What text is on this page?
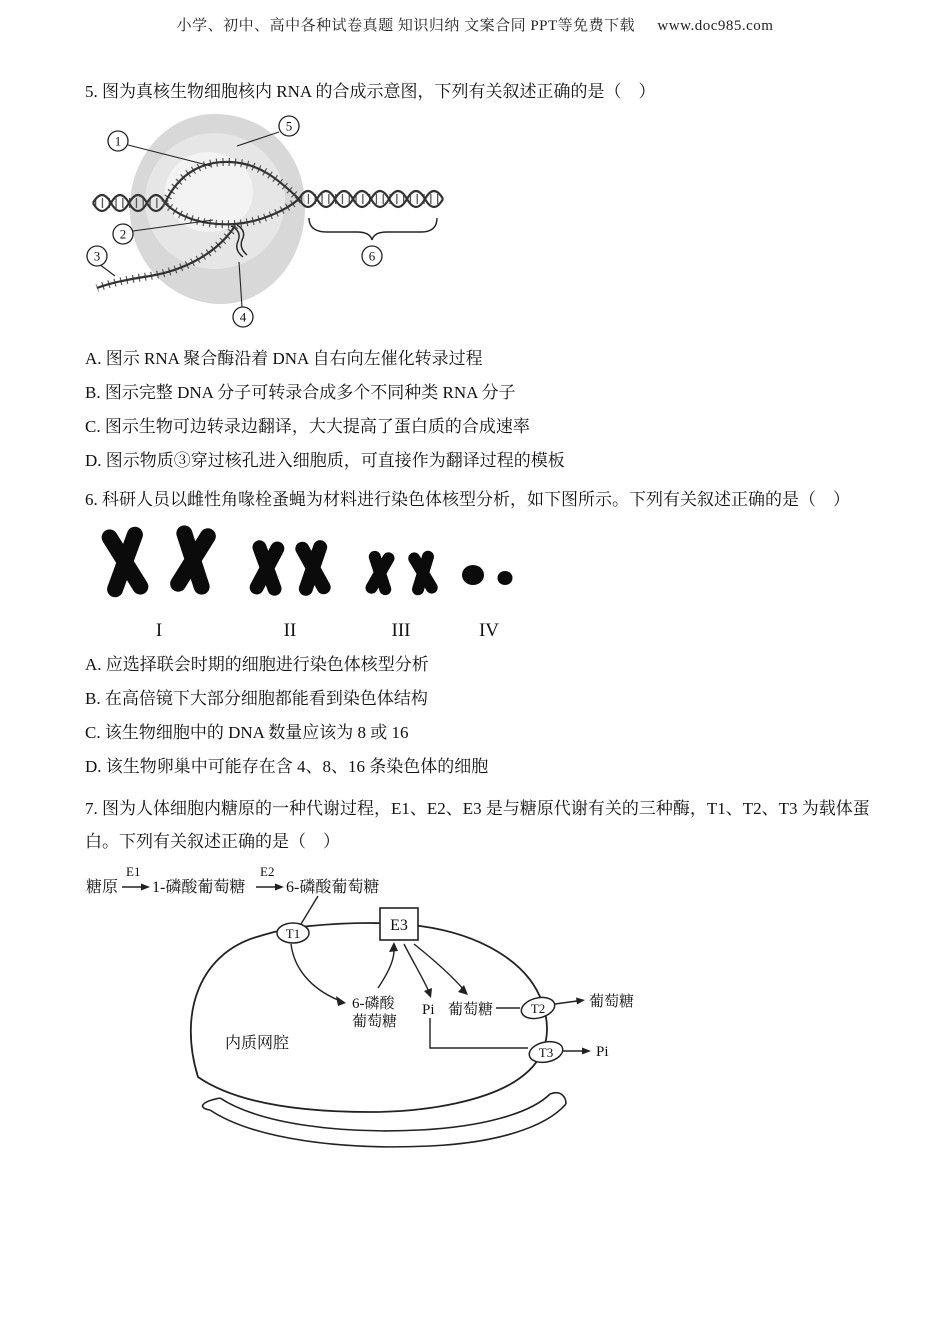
小学、初中、高中各种试卷真题 知识归纳 文案合同 PPT等免费下载 www.doc985.com
5. 图为真核生物细胞核内 RNA 的合成示意图，下列有关叙述正确的是（　）
1
2
3
4
5
6
A. 图示 RNA 聚合酶沿着 DNA 自右向左催化转录过程
B. 图示完整 DNA 分子可转录合成多个不同种类 RNA 分子
C. 图示生物可边转录边翻译，大大提高了蛋白质的合成速率
D. 图示物质③穿过核孔进入细胞质，可直接作为翻译过程的模板
6. 科研人员以雌性角喙栓蚤蝇为材料进行染色体核型分析，如下图所示。下列有关叙述正确的是（　）
I	II	III	IV
A. 应选择联会时期的细胞进行染色体核型分析
B. 在高倍镜下大部分细胞都能看到染色体结构
C. 该生物细胞中的 DNA 数量应该为 8 或 16
D. 该生物卵巢中可能存在含 4、8、16 条染色体的细胞
7. 图为人体细胞内糖原的一种代谢过程，E1、E2、E3 是与糖原代谢有关的三种酶，T1、T2、T3 为载体蛋
白。下列有关叙述正确的是（　）
糖原
E1
1-磷酸葡萄糖
E2
6-磷酸葡萄糖
T1	E3
内质网腔
6-磷酸
葡萄糖
Pi 葡萄糖	T2	葡萄糖
T3	Pi
